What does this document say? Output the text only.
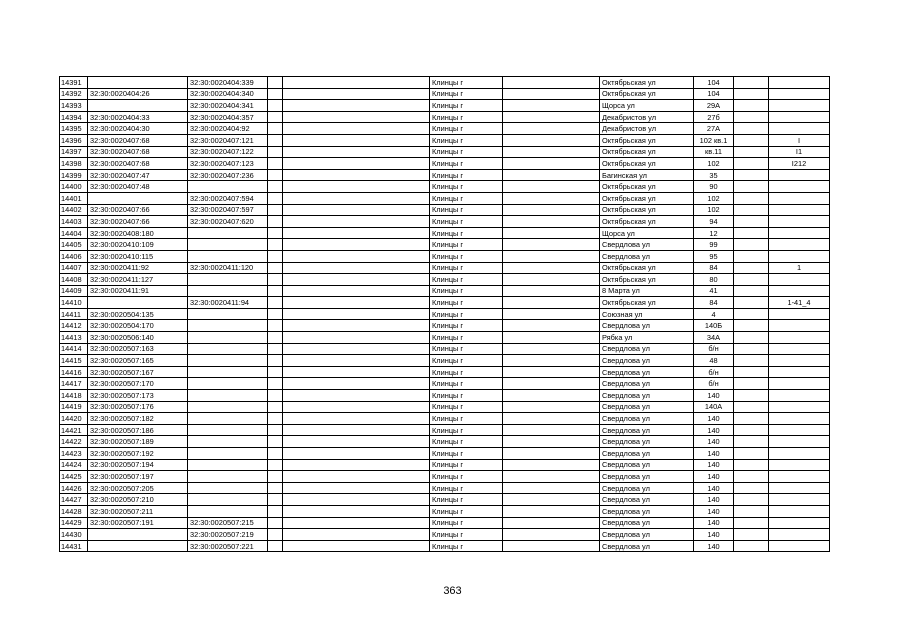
14391		32:30:0020404:339			Клинцы г		Октябрьская ул	104		
14392	32:30:0020404:26	32:30:0020404:340			Клинцы г		Октябрьская ул	104		
14393		32:30:0020404:341			Клинцы г		Щорса ул	29А		
14394	32:30:0020404:33	32:30:0020404:357			Клинцы г		Декабристов ул	27б		
14395	32:30:0020404:30	32:30:0020404:92			Клинцы г		Декабристов ул	27А		
14396	32:30:0020407:68	32:30:0020407:121			Клинцы г		Октябрьская ул	102 кв.1		I
14397	32:30:0020407:68	32:30:0020407:122			Клинцы г		Октябрьская ул	кв.11		I1
14398	32:30:0020407:68	32:30:0020407:123			Клинцы г		Октябрьская ул	102		I212
14399	32:30:0020407:47	32:30:0020407:236			Клинцы г		Багинская ул	35		
14400	32:30:0020407:48				Клинцы г		Октябрьская ул	90		
14401		32:30:0020407:594			Клинцы г		Октябрьская ул	102		
14402	32:30:0020407:66	32:30:0020407:597			Клинцы г		Октябрьская ул	102		
14403	32:30:0020407:66	32:30:0020407:620			Клинцы г		Октябрьская ул	94		
14404	32:30:0020408:180				Клинцы г		Щорса ул	12		
14405	32:30:0020410:109				Клинцы г		Свердлова ул	99		
14406	32:30:0020410:115				Клинцы г		Свердлова ул	95		
14407	32:30:0020411:92	32:30:0020411:120			Клинцы г		Октябрьская ул	84		1
14408	32:30:0020411:127				Клинцы г		Октябрьская ул	80		
14409	32:30:0020411:91				Клинцы г		8 Марта ул	41		
14410		32:30:0020411:94			Клинцы г		Октябрьская ул	84		1-41_4
14411	32:30:0020504:135				Клинцы г		Союзная ул	4		
14412	32:30:0020504:170				Клинцы г		Свердлова ул	140Б		
14413	32:30:0020506:140				Клинцы г		Рябка ул	34А		
14414	32:30:0020507:163				Клинцы г		Свердлова ул	б/н		
14415	32:30:0020507:165				Клинцы г		Свердлова ул	48		
14416	32:30:0020507:167				Клинцы г		Свердлова ул	б/н		
14417	32:30:0020507:170				Клинцы г		Свердлова ул	б/н		
14418	32:30:0020507:173				Клинцы г		Свердлова ул	140		
14419	32:30:0020507:176				Клинцы г		Свердлова ул	140А		
14420	32:30:0020507:182				Клинцы г		Свердлова ул	140		
14421	32:30:0020507:186				Клинцы г		Свердлова ул	140		
14422	32:30:0020507:189				Клинцы г		Свердлова ул	140		
14423	32:30:0020507:192				Клинцы г		Свердлова ул	140		
14424	32:30:0020507:194				Клинцы г		Свердлова ул	140		
14425	32:30:0020507:197				Клинцы г		Свердлова ул	140		
14426	32:30:0020507:205				Клинцы г		Свердлова ул	140		
14427	32:30:0020507:210				Клинцы г		Свердлова ул	140		
14428	32:30:0020507:211				Клинцы г		Свердлова ул	140		
14429	32:30:0020507:191	32:30:0020507:215			Клинцы г		Свердлова ул	140		
14430		32:30:0020507:219			Клинцы г		Свердлова ул	140		
14431		32:30:0020507:221			Клинцы г		Свердлова ул	140		
363
